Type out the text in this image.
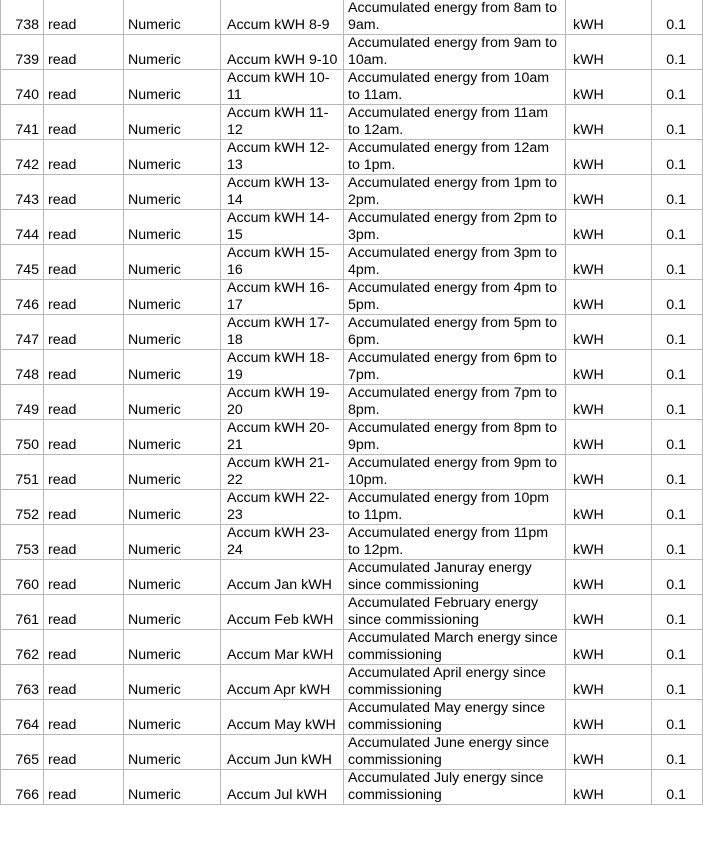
738	read	Numeric	Accum kWH 8-9	Accumulated energy from 8am to 9am.	kWH	0.1
739	read	Numeric	Accum kWH 9-10	Accumulated energy from 9am to 10am.	kWH	0.1
740	read	Numeric	Accum kWH 10-11	Accumulated energy from 10am to 11am.	kWH	0.1
741	read	Numeric	Accum kWH 11-12	Accumulated energy from 11am to 12am.	kWH	0.1
742	read	Numeric	Accum kWH 12-13	Accumulated energy from 12am to 1pm.	kWH	0.1
743	read	Numeric	Accum kWH 13-14	Accumulated energy from 1pm to 2pm.	kWH	0.1
744	read	Numeric	Accum kWH 14-15	Accumulated energy from 2pm to 3pm.	kWH	0.1
745	read	Numeric	Accum kWH 15-16	Accumulated energy from 3pm to 4pm.	kWH	0.1
746	read	Numeric	Accum kWH 16-17	Accumulated energy from 4pm to 5pm.	kWH	0.1
747	read	Numeric	Accum kWH 17-18	Accumulated energy from 5pm to 6pm.	kWH	0.1
748	read	Numeric	Accum kWH 18-19	Accumulated energy from 6pm to 7pm.	kWH	0.1
749	read	Numeric	Accum kWH 19-20	Accumulated energy from 7pm to 8pm.	kWH	0.1
750	read	Numeric	Accum kWH 20-21	Accumulated energy from 8pm to 9pm.	kWH	0.1
751	read	Numeric	Accum kWH 21-22	Accumulated energy from 9pm to 10pm.	kWH	0.1
752	read	Numeric	Accum kWH 22-23	Accumulated energy from 10pm to 11pm.	kWH	0.1
753	read	Numeric	Accum kWH 23-24	Accumulated energy from 11pm to 12pm.	kWH	0.1
760	read	Numeric	Accum Jan kWH	Accumulated Januray energy since commissioning	kWH	0.1
761	read	Numeric	Accum Feb kWH	Accumulated February energy since commissioning	kWH	0.1
762	read	Numeric	Accum Mar kWH	Accumulated March energy since commissioning	kWH	0.1
763	read	Numeric	Accum Apr kWH	Accumulated April energy since commissioning	kWH	0.1
764	read	Numeric	Accum May kWH	Accumulated May energy since commissioning	kWH	0.1
765	read	Numeric	Accum Jun kWH	Accumulated June energy since commissioning	kWH	0.1
766	read	Numeric	Accum Jul kWH	Accumulated July energy since commissioning	kWH	0.1
